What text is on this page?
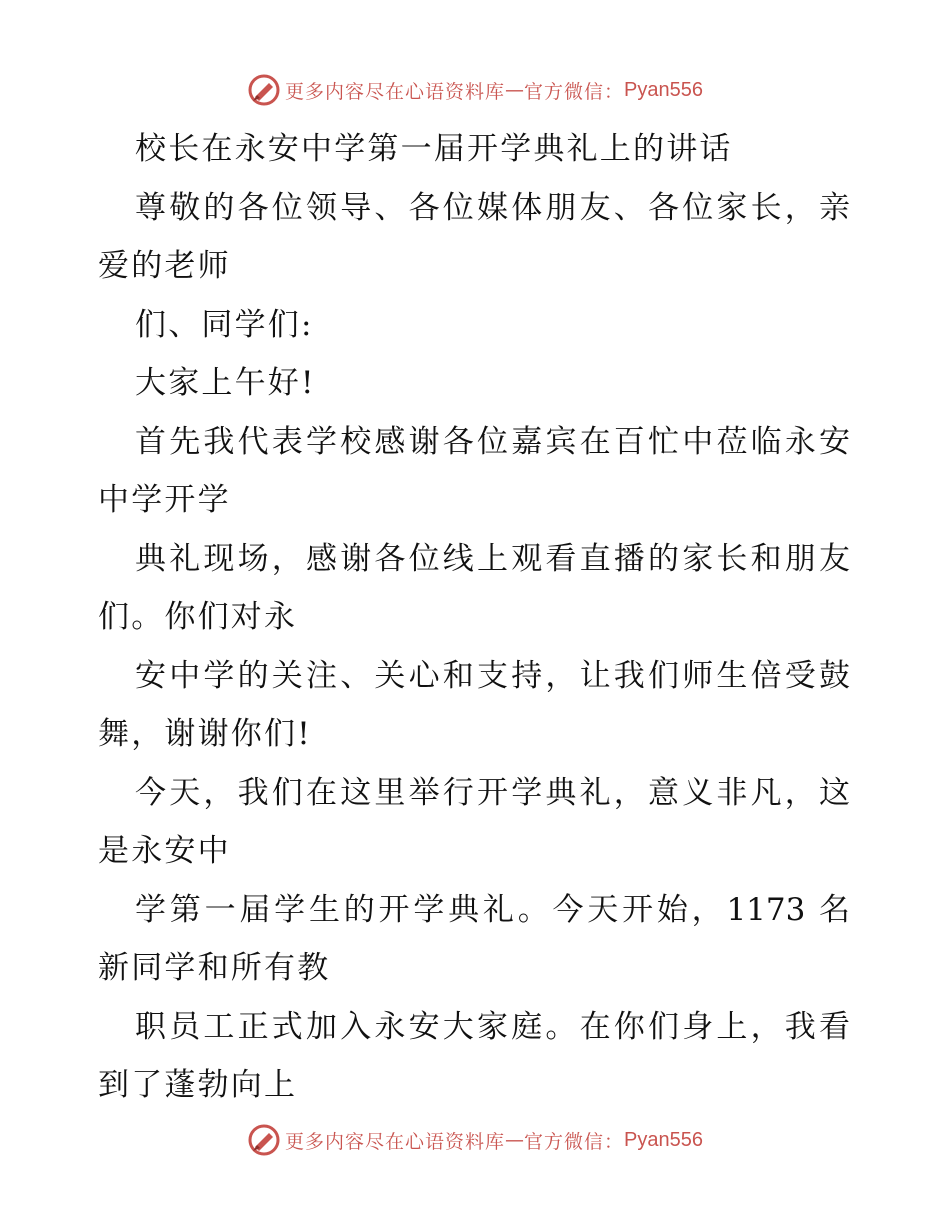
更多内容尽在心语资料库 — 官方微信： Pyan556
校长在永安中学第一届开学典礼上的讲话
尊敬的各位领导、各位媒体朋友、各位家长，亲
爱的老师
们、同学们:
大家上午好!
首先我代表学校感谢各位嘉宾在百忙中莅临永安
中学开学
典礼现场，感谢各位线上观看直播的家长和朋友
们。你们对永
安中学的关注、关心和支持，让我们师生倍受鼓
舞，谢谢你们!
今天，我们在这里举行开学典礼，意义非凡，这
是永安中
学第一届学生的开学典礼。今天开始，1173 名
新同学和所有教
职员工正式加入永安大家庭。在你们身上，我看
到了蓬勃向上
更多内容尽在心语资料库 — 官方微信： Pyan556
